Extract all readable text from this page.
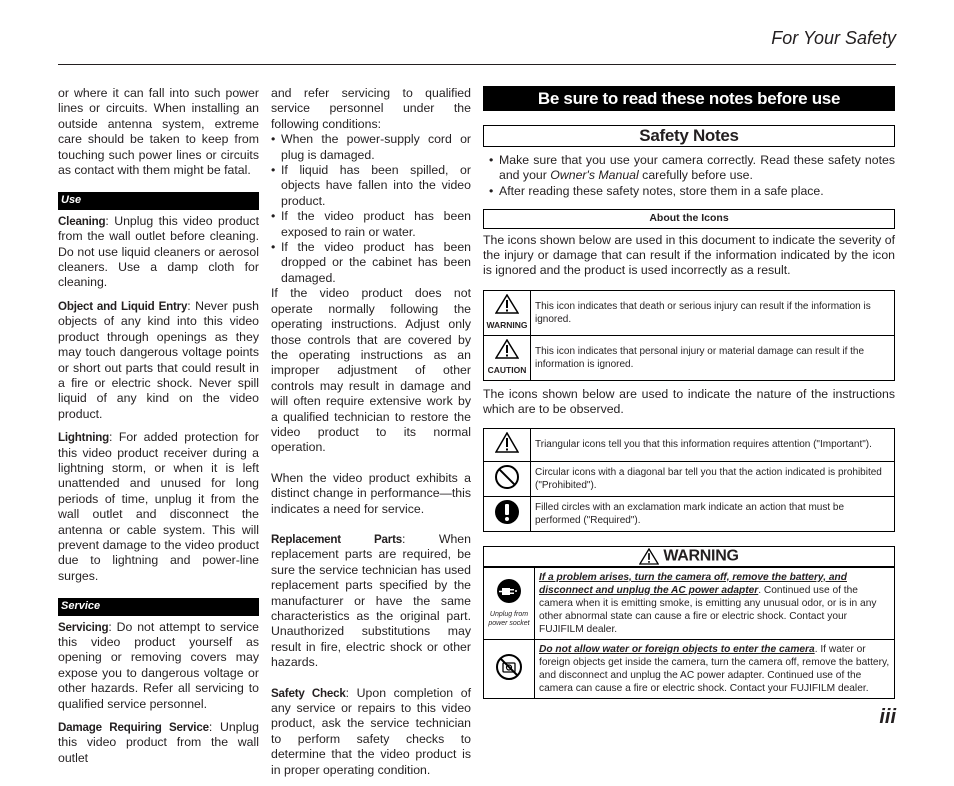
For Your Safety

or where it can fall into such power lines or circuits. When installing an outside antenna system, extreme care should be taken to keep from touching such power lines or circuits as contact with them might be fatal.

Use

Cleaning: Unplug this video product from the wall outlet before cleaning. Do not use liquid cleaners or aerosol cleaners. Use a damp cloth for cleaning.

Object and Liquid Entry: Never push objects of any kind into this video product through openings as they may touch dangerous voltage points or short out parts that could result in a fire or electric shock. Never spill liquid of any kind on the video product.

Lightning: For added protection for this video product receiver during a lightning storm, or when it is left unattended and unused for long periods of time, unplug it from the wall outlet and disconnect the antenna or cable system. This will prevent damage to the video product due to lightning and power-line surges.

Service

Servicing: Do not attempt to service this video product yourself as opening or removing covers may expose you to dangerous voltage or other hazards. Refer all servicing to qualified service personnel.

Damage Requiring Service: Unplug this video product from the wall outlet

and refer servicing to qualified service personnel under the following conditions:

• When the power-supply cord or plug is damaged.
• If liquid has been spilled, or objects have fallen into the video product.
• If the video product has been exposed to rain or water.
• If the video product has been dropped or the cabinet has been damaged.

If the video product does not operate normally following the operating instructions. Adjust only those controls that are covered by the operating instructions as an improper adjustment of other controls may result in damage and will often require extensive work by a qualified technician to restore the video product to its normal operation.

When the video product exhibits a distinct change in performance—this indicates a need for service.

Replacement Parts: When replacement parts are required, be sure the service technician has used replacement parts specified by the manufacturer or have the same characteristics as the original part. Unauthorized substitutions may result in fire, electric shock or other hazards.

Safety Check: Upon completion of any service or repairs to this video product, ask the service technician to perform safety checks to determine that the video product is in proper operating condition.

Be sure to read these notes before use
Safety Notes
• Make sure that you use your camera correctly. Read these safety notes and your Owner's Manual carefully before use.
• After reading these safety notes, store them in a safe place.
About the Icons

The icons shown below are used in this document to indicate the severity of the injury or damage that can result if the information indicated by the icon is ignored and the product is used incorrectly as a result.

WARNING	This icon indicates that death or serious injury can result if the information is ignored.

CAUTION	This icon indicates that personal injury or material damage can result if the information is ignored.

The icons shown below are used to indicate the nature of the instructions which are to be observed.

	Triangular icons tell you that this information requires attention ("Important").
	Circular icons with a diagonal bar tell you that the action indicated is prohibited ("Prohibited").
	Filled circles with an exclamation mark indicate an action that must be performed ("Required").
WARNING
Unplug from power socket	If a problem arises, turn the camera off, remove the battery, and disconnect and unplug the AC power adapter. Continued use of the camera when it is emitting smoke, is emitting any unusual odor, or is in any other abnormal state can cause a fire or electric shock. Contact your FUJIFILM dealer.
	Do not allow water or foreign objects to enter the camera. If water or foreign objects get inside the camera, turn the camera off, remove the battery, and disconnect and unplug the AC power adapter. Continued use of the camera can cause a fire or electric shock. Contact your FUJIFILM dealer.
iii
